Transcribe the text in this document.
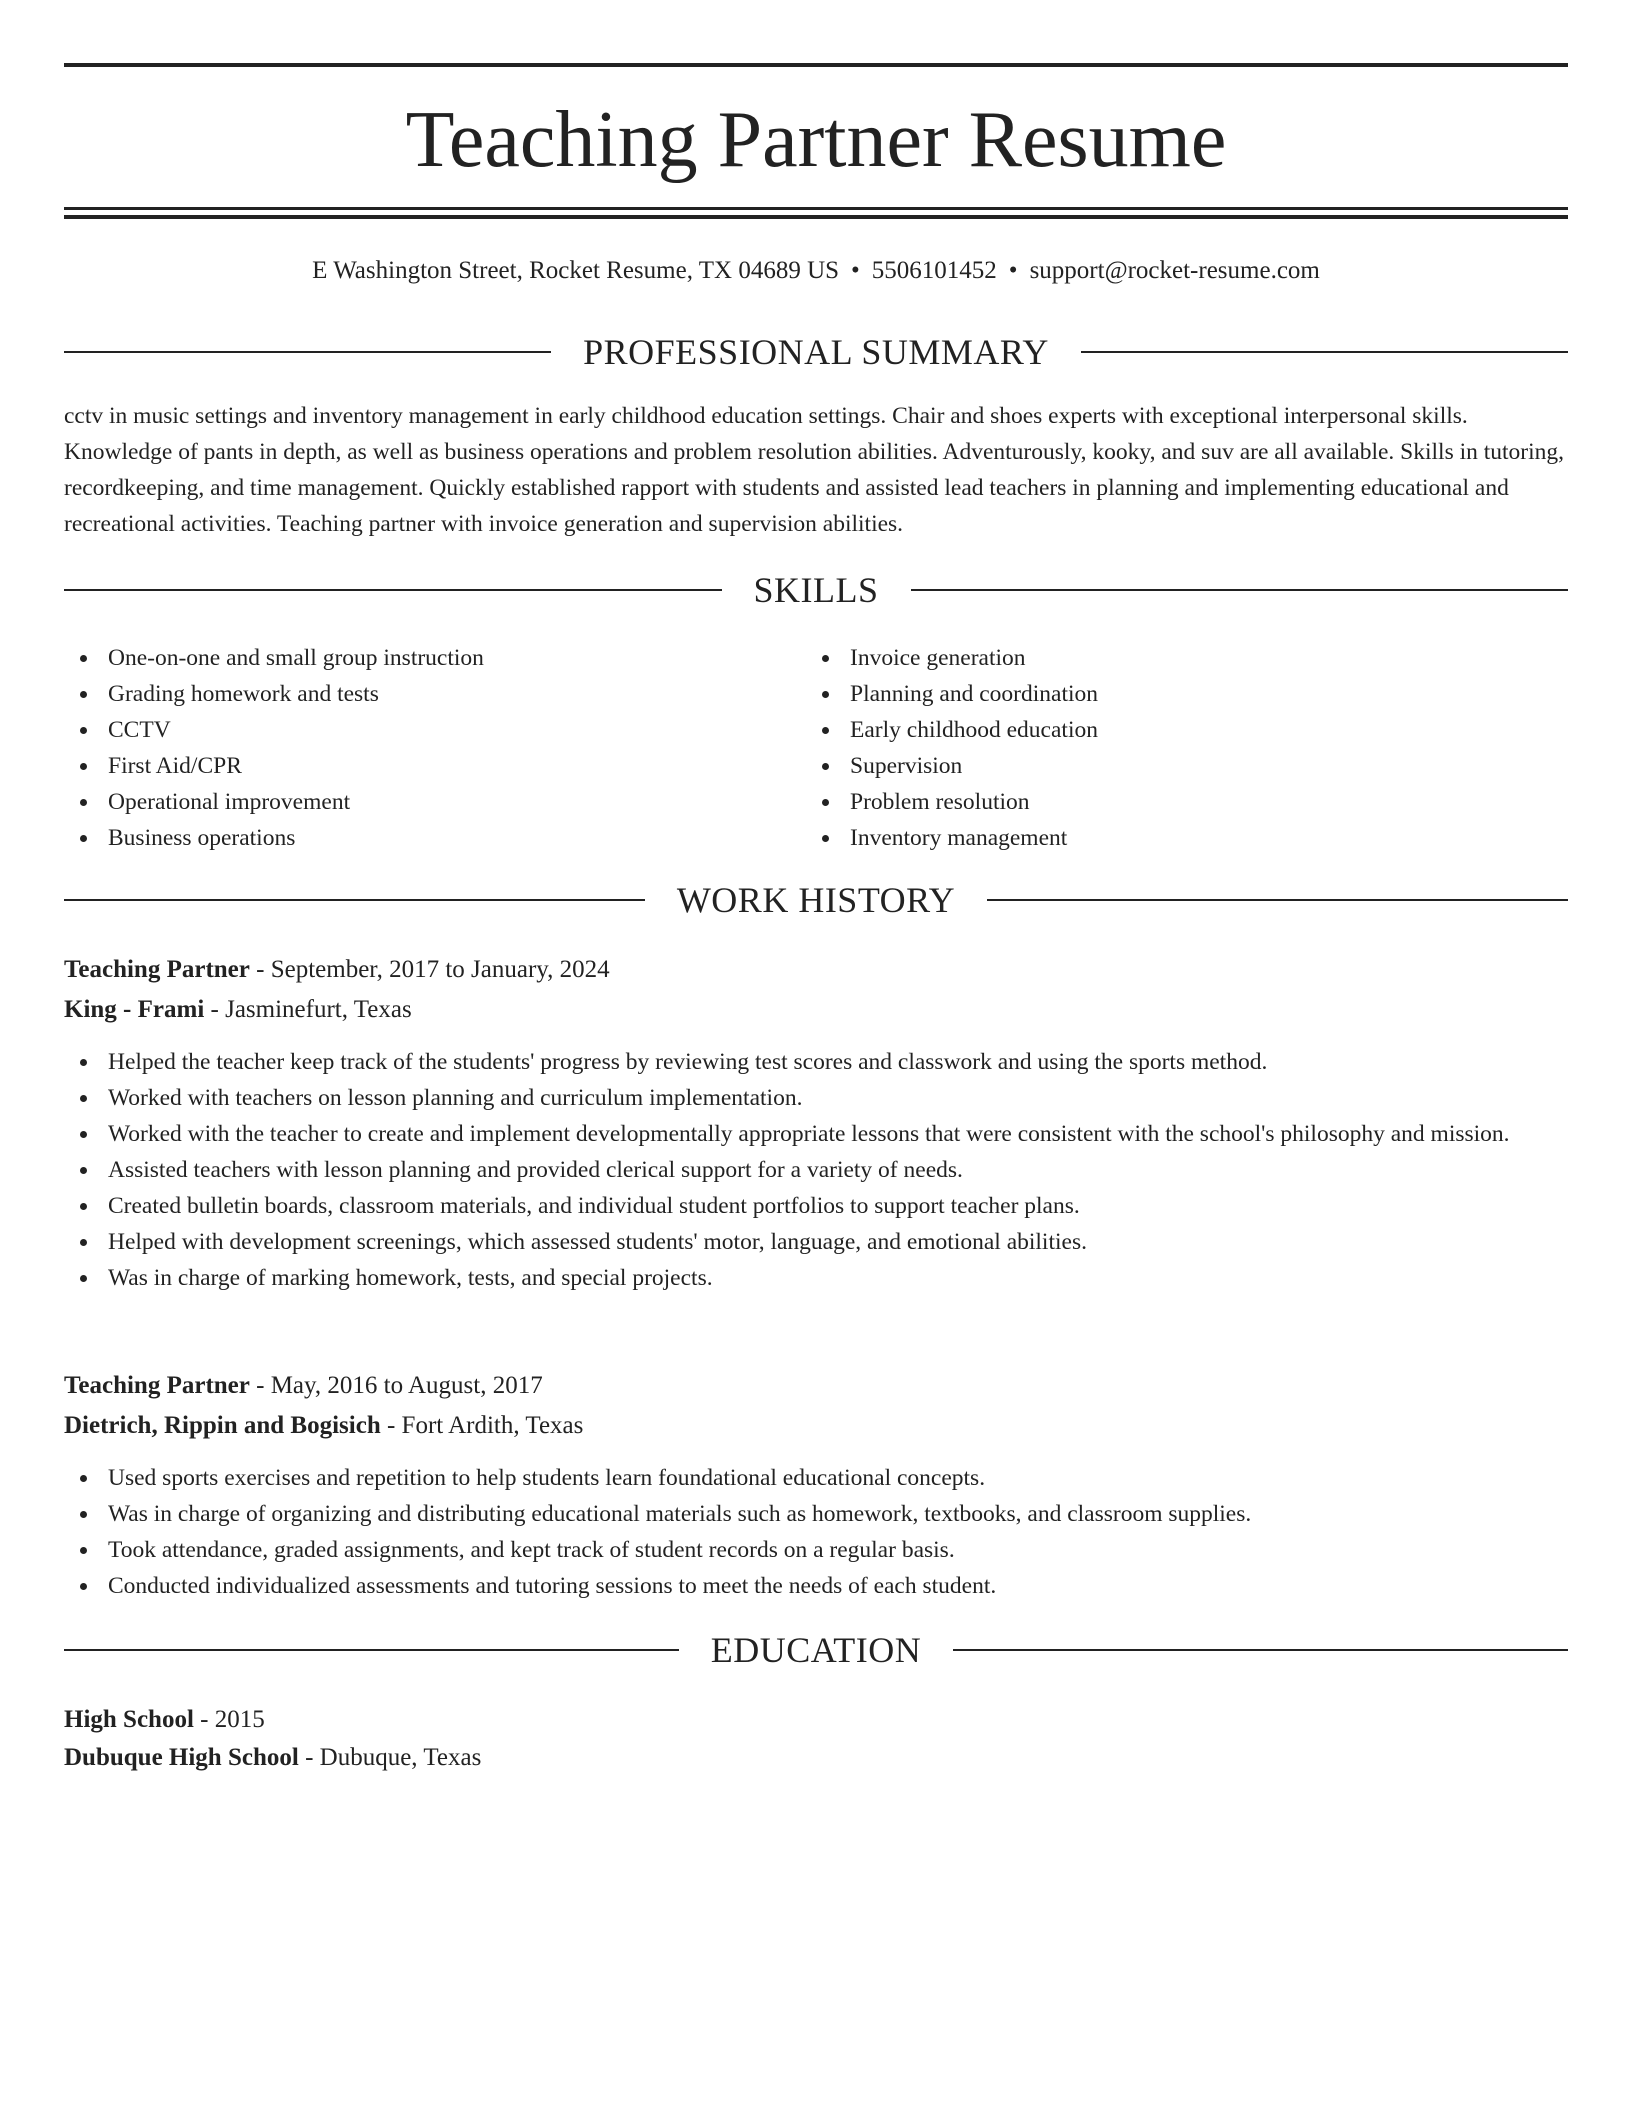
Teaching Partner Resume
E Washington Street, Rocket Resume, TX 04689 US • 5506101452 • support@rocket-resume.com
PROFESSIONAL SUMMARY

cctv in music settings and inventory management in early childhood education settings. Chair and shoes experts with exceptional interpersonal skills. Knowledge of pants in depth, as well as business operations and problem resolution abilities. Adventurously, kooky, and suv are all available. Skills in tutoring, recordkeeping, and time management. Quickly established rapport with students and assisted lead teachers in planning and implementing educational and recreational activities. Teaching partner with invoice generation and supervision abilities.

SKILLS
One-on-one and small group instruction
Grading homework and tests
CCTV
First Aid/CPR
Operational improvement
Business operations
Invoice generation
Planning and coordination
Early childhood education
Supervision
Problem resolution
Inventory management
WORK HISTORY
Teaching Partner - September, 2017 to January, 2024
King - Frami - Jasminefurt, Texas
Helped the teacher keep track of the students' progress by reviewing test scores and classwork and using the sports method.
Worked with teachers on lesson planning and curriculum implementation.
Worked with the teacher to create and implement developmentally appropriate lessons that were consistent with the school's philosophy and mission.
Assisted teachers with lesson planning and provided clerical support for a variety of needs.
Created bulletin boards, classroom materials, and individual student portfolios to support teacher plans.
Helped with development screenings, which assessed students' motor, language, and emotional abilities.
Was in charge of marking homework, tests, and special projects.
Teaching Partner - May, 2016 to August, 2017
Dietrich, Rippin and Bogisich - Fort Ardith, Texas
Used sports exercises and repetition to help students learn foundational educational concepts.
Was in charge of organizing and distributing educational materials such as homework, textbooks, and classroom supplies.
Took attendance, graded assignments, and kept track of student records on a regular basis.
Conducted individualized assessments and tutoring sessions to meet the needs of each student.
EDUCATION
High School - 2015
Dubuque High School - Dubuque, Texas
